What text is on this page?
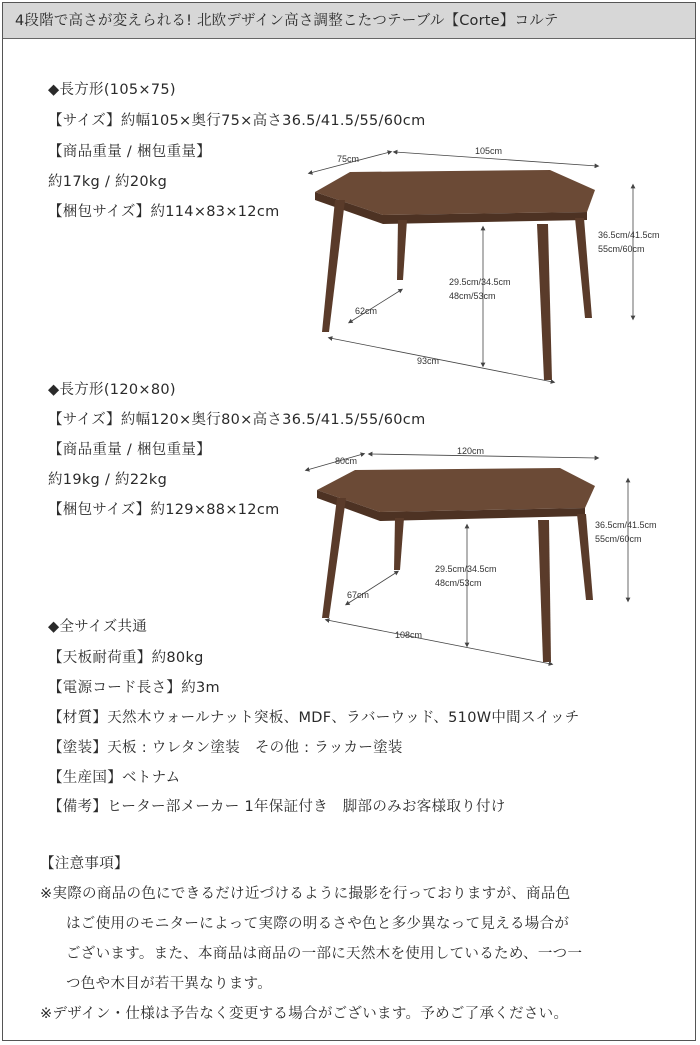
4段階で高さが変えられる! 北欧デザイン高さ調整こたつテーブル【Corte】コルテ
◆長方形(105×75)
【サイズ】約幅105×奥行75×高さ36.5/41.5/55/60cm
【商品重量 / 梱包重量】
約17kg / 約20kg
【梱包サイズ】約114×83×12cm
75cm
105cm
36.5cm/41.5cm
55cm/60cm
29.5cm/34.5cm
48cm/53cm
62cm
93cm
◆長方形(120×80)
【サイズ】約幅120×奥行80×高さ36.5/41.5/55/60cm
【商品重量 / 梱包重量】
約19kg / 約22kg
【梱包サイズ】約129×88×12cm
80cm
120cm
36.5cm/41.5cm
55cm/60cm
29.5cm/34.5cm
48cm/53cm
67cm
108cm
◆全サイズ共通
【天板耐荷重】約80kg
【電源コード長さ】約3m
【材質】天然木ウォールナット突板、MDF、ラバーウッド、510W中間スイッチ
【塗装】天板 : ウレタン塗装　その他 : ラッカー塗装
【生産国】ベトナム
【備考】ヒーター部メーカー 1年保証付き　脚部のみお客様取り付け
【注意事項】
※実際の商品の色にできるだけ近づけるように撮影を行っておりますが、商品色
はご使用のモニターによって実際の明るさや色と多少異なって見える場合が
ございます。また、本商品は商品の一部に天然木を使用しているため、一つ一
つ色や木目が若干異なります。
※デザイン・仕様は予告なく変更する場合がございます。予めご了承ください。
